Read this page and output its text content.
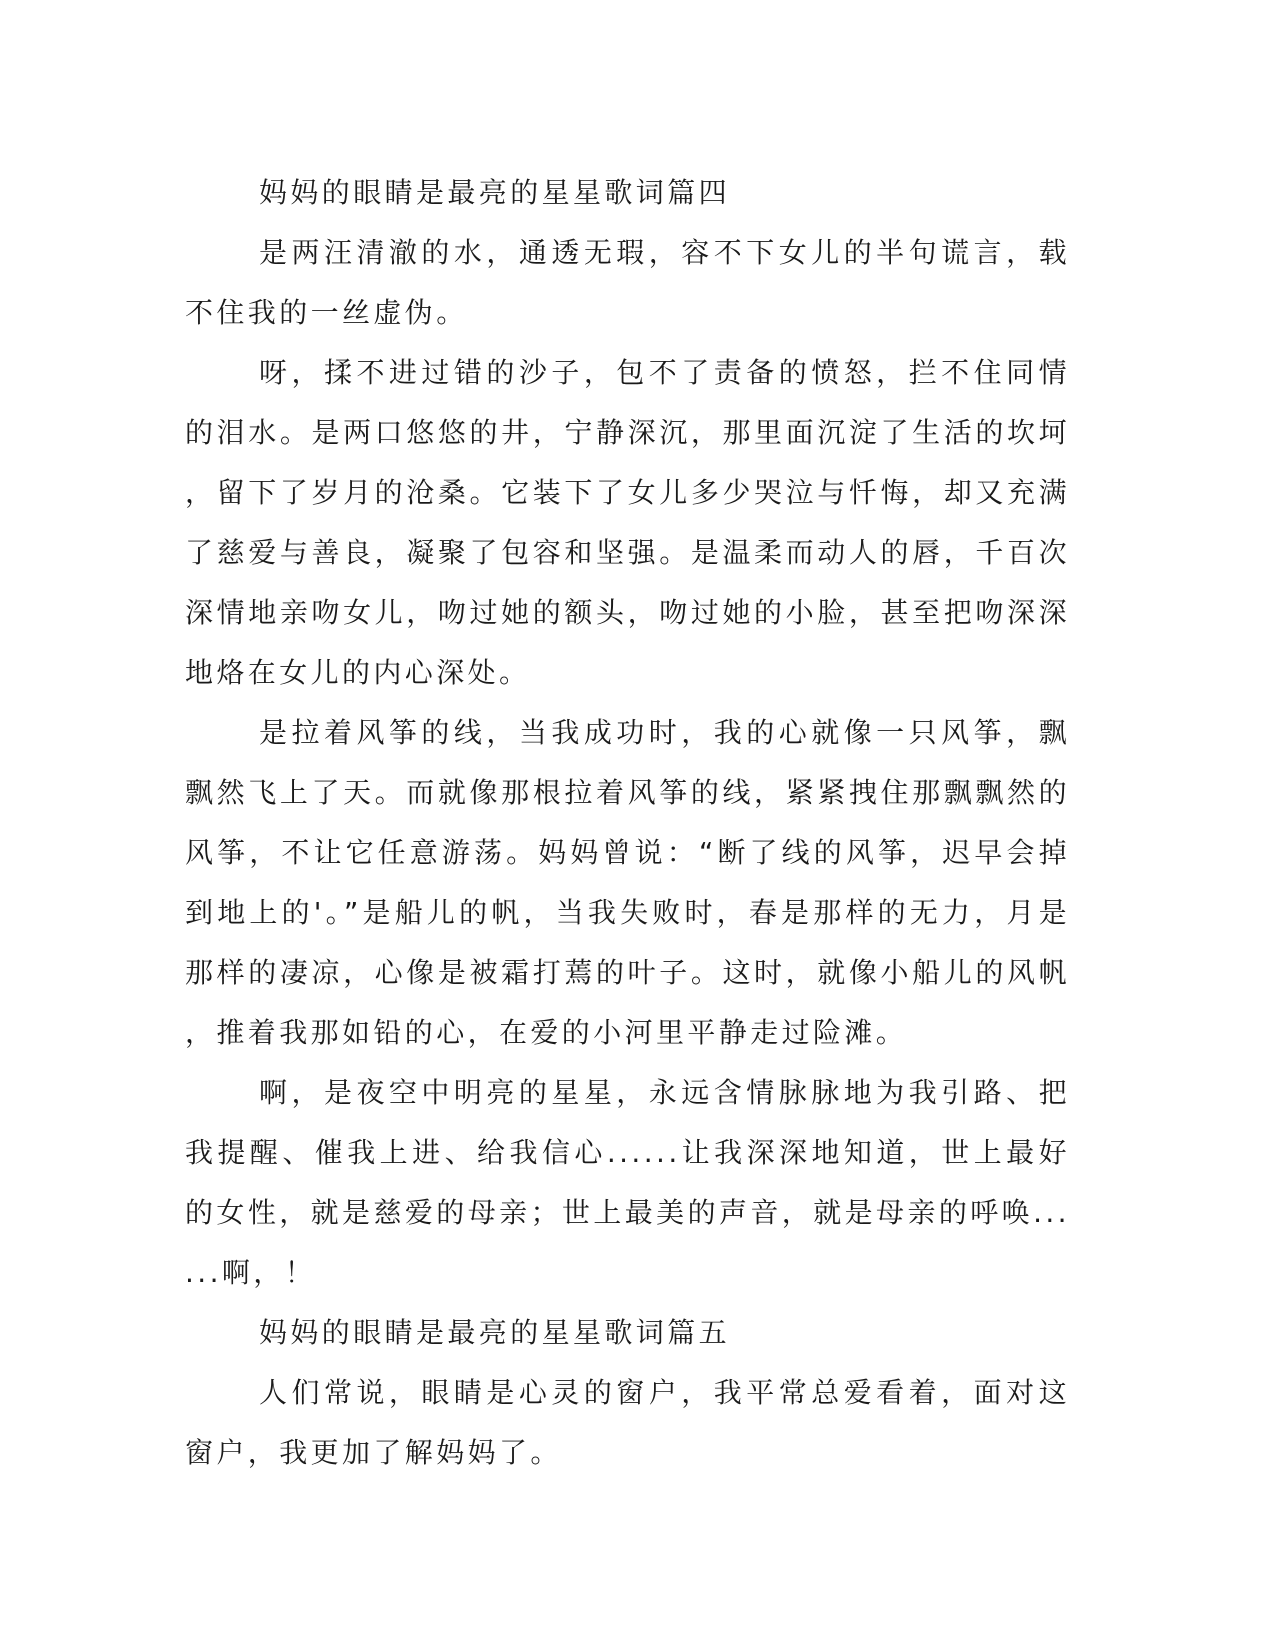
妈妈的眼睛是最亮的星星歌词篇四

是两汪清澈的水，通透无瑕，容不下女儿的半句谎言，载不住我的一丝虚伪。

呀，揉不进过错的沙子，包不了责备的愤怒，拦不住同情的泪水。是两口悠悠的井，宁静深沉，那里面沉淀了生活的坎坷，留下了岁月的沧桑。它装下了女儿多少哭泣与忏悔，却又充满了慈爱与善良，凝聚了包容和坚强。是温柔而动人的唇，千百次深情地亲吻女儿，吻过她的额头，吻过她的小脸，甚至把吻深深地烙在女儿的内心深处。

是拉着风筝的线，当我成功时，我的心就像一只风筝，飘飘然飞上了天。而就像那根拉着风筝的线，紧紧拽住那飘飘然的风筝，不让它任意游荡。妈妈曾说：“断了线的风筝，迟早会掉到地上的'。”是船儿的帆，当我失败时，春是那样的无力，月是那样的凄凉，心像是被霜打蔫的叶子。这时，就像小船儿的风帆，推着我那如铅的心，在爱的小河里平静走过险滩。

啊，是夜空中明亮的星星，永远含情脉脉地为我引路、把我提醒、催我上进、给我信心......让我深深地知道，世上最好的女性，就是慈爱的母亲；世上最美的声音，就是母亲的呼唤......啊，！

妈妈的眼睛是最亮的星星歌词篇五

人们常说，眼睛是心灵的窗户，我平常总爱看着，面对这窗户，我更加了解妈妈了。
